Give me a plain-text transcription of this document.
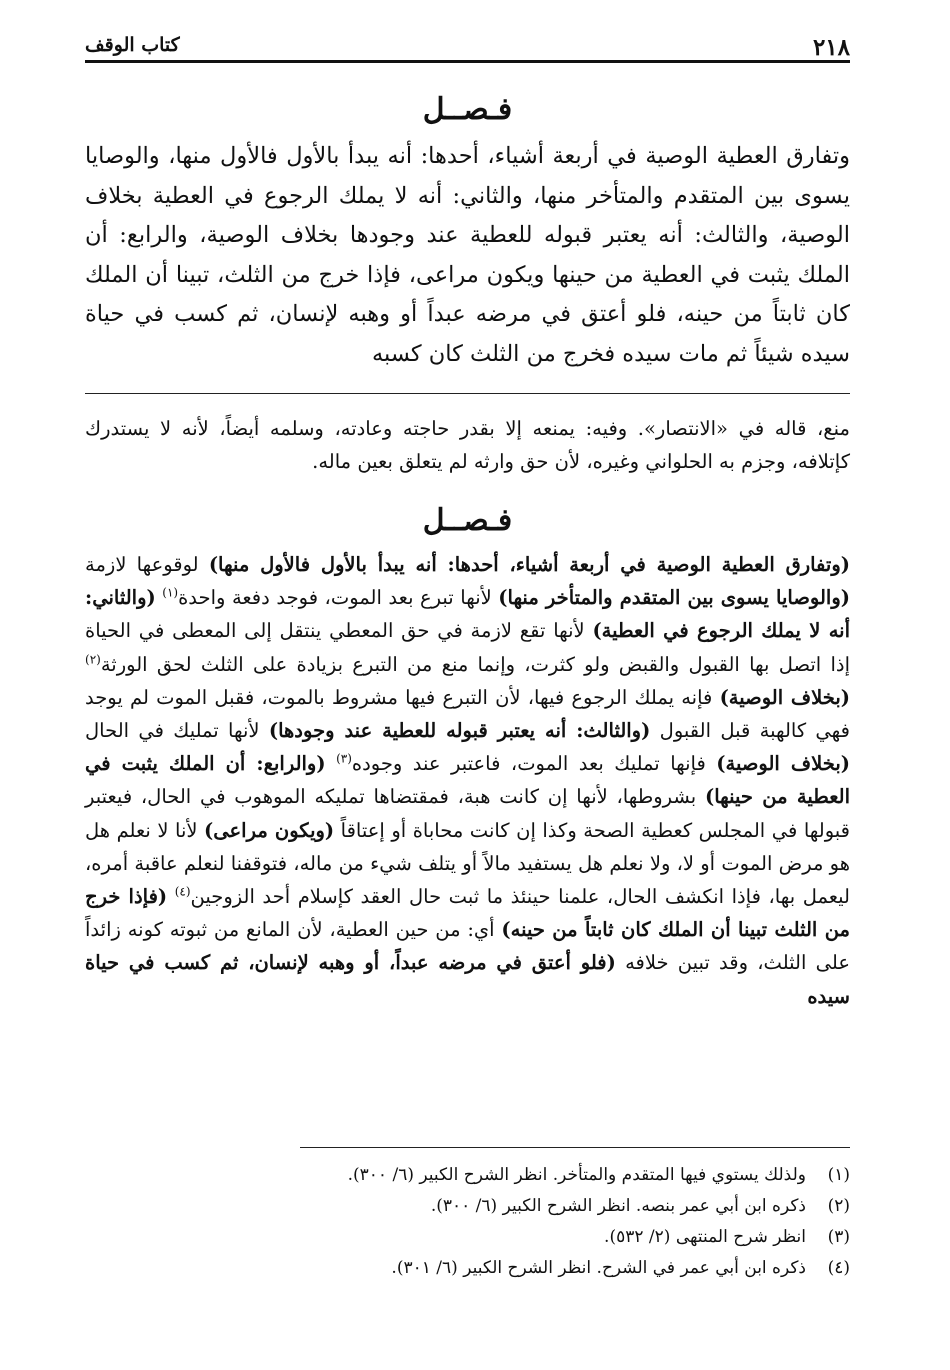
٢١٨
كتاب الوقف
فـصــل

وتفارق العطية الوصية في أربعة أشياء، أحدها: أنه يبدأ بالأول فالأول منها، والوصايا يسوى بين المتقدم والمتأخر منها، والثاني: أنه لا يملك الرجوع في العطية بخلاف الوصية، والثالث: أنه يعتبر قبوله للعطية عند وجودها بخلاف الوصية، والرابع: أن الملك يثبت في العطية من حينها ويكون مراعى، فإذا خرج من الثلث، تبينا أن الملك كان ثابتاً من حينه، فلو أعتق في مرضه عبداً أو وهبه لإنسان، ثم كسب في حياة سيده شيئاً ثم مات سيده فخرج من الثلث كان كسبه

منع، قاله في «الانتصار». وفيه: يمنعه إلا بقدر حاجته وعادته، وسلمه أيضاً، لأنه لا يستدرك كإتلافه، وجزم به الحلواني وغيره، لأن حق وارثه لم يتعلق بعين ماله.

فـصــل

(وتفارق العطية الوصية في أربعة أشياء، أحدها: أنه يبدأ بالأول فالأول منها) لوقوعها لازمة (والوصايا يسوى بين المتقدم والمتأخر منها) لأنها تبرع بعد الموت، فوجد دفعة واحدة$^{(١)}$ (والثاني: أنه لا يملك الرجوع في العطية) لأنها تقع لازمة في حق المعطي ينتقل إلى المعطى في الحياة إذا اتصل بها القبول والقبض ولو كثرت، وإنما منع من التبرع بزيادة على الثلث لحق الورثة$^{(٢)}$ (بخلاف الوصية) فإنه يملك الرجوع فيها، لأن التبرع فيها مشروط بالموت، فقبل الموت لم يوجد فهي كالهبة قبل القبول (والثالث: أنه يعتبر قبوله للعطية عند وجودها) لأنها تمليك في الحال (بخلاف الوصية) فإنها تمليك بعد الموت، فاعتبر عند وجوده$^{(٣)}$ (والرابع: أن الملك يثبت في العطية من حينها) بشروطها، لأنها إن كانت هبة، فمقتضاها تمليكه الموهوب في الحال، فيعتبر قبولها في المجلس كعطية الصحة وكذا إن كانت محاباة أو إعتاقاً (ويكون مراعى) لأنا لا نعلم هل هو مرض الموت أو لا، ولا نعلم هل يستفيد مالاً أو يتلف شيء من ماله، فتوقفنا لنعلم عاقبة أمره، ليعمل بها، فإذا انكشف الحال، علمنا حينئذ ما ثبت حال العقد كإسلام أحد الزوجين$^{(٤)}$ (فإذا خرج من الثلث تبينا أن الملك كان ثابتاً من حينه) أي: من حين العطية، لأن المانع من ثبوته كونه زائداً على الثلث، وقد تبين خلافه (فلو أعتق في مرضه عبداً، أو وهبه لإنسان، ثم كسب في حياة سيده

(١)
ولذلك يستوي فيها المتقدم والمتأخر. انظر الشرح الكبير (٦/ ٣٠٠).
(٢)
ذكره ابن أبي عمر بنصه. انظر الشرح الكبير (٦/ ٣٠٠).
(٣)
انظر شرح المنتهى (٢/ ٥٣٢).
(٤)
ذكره ابن أبي عمر في الشرح. انظر الشرح الكبير (٦/ ٣٠١).
